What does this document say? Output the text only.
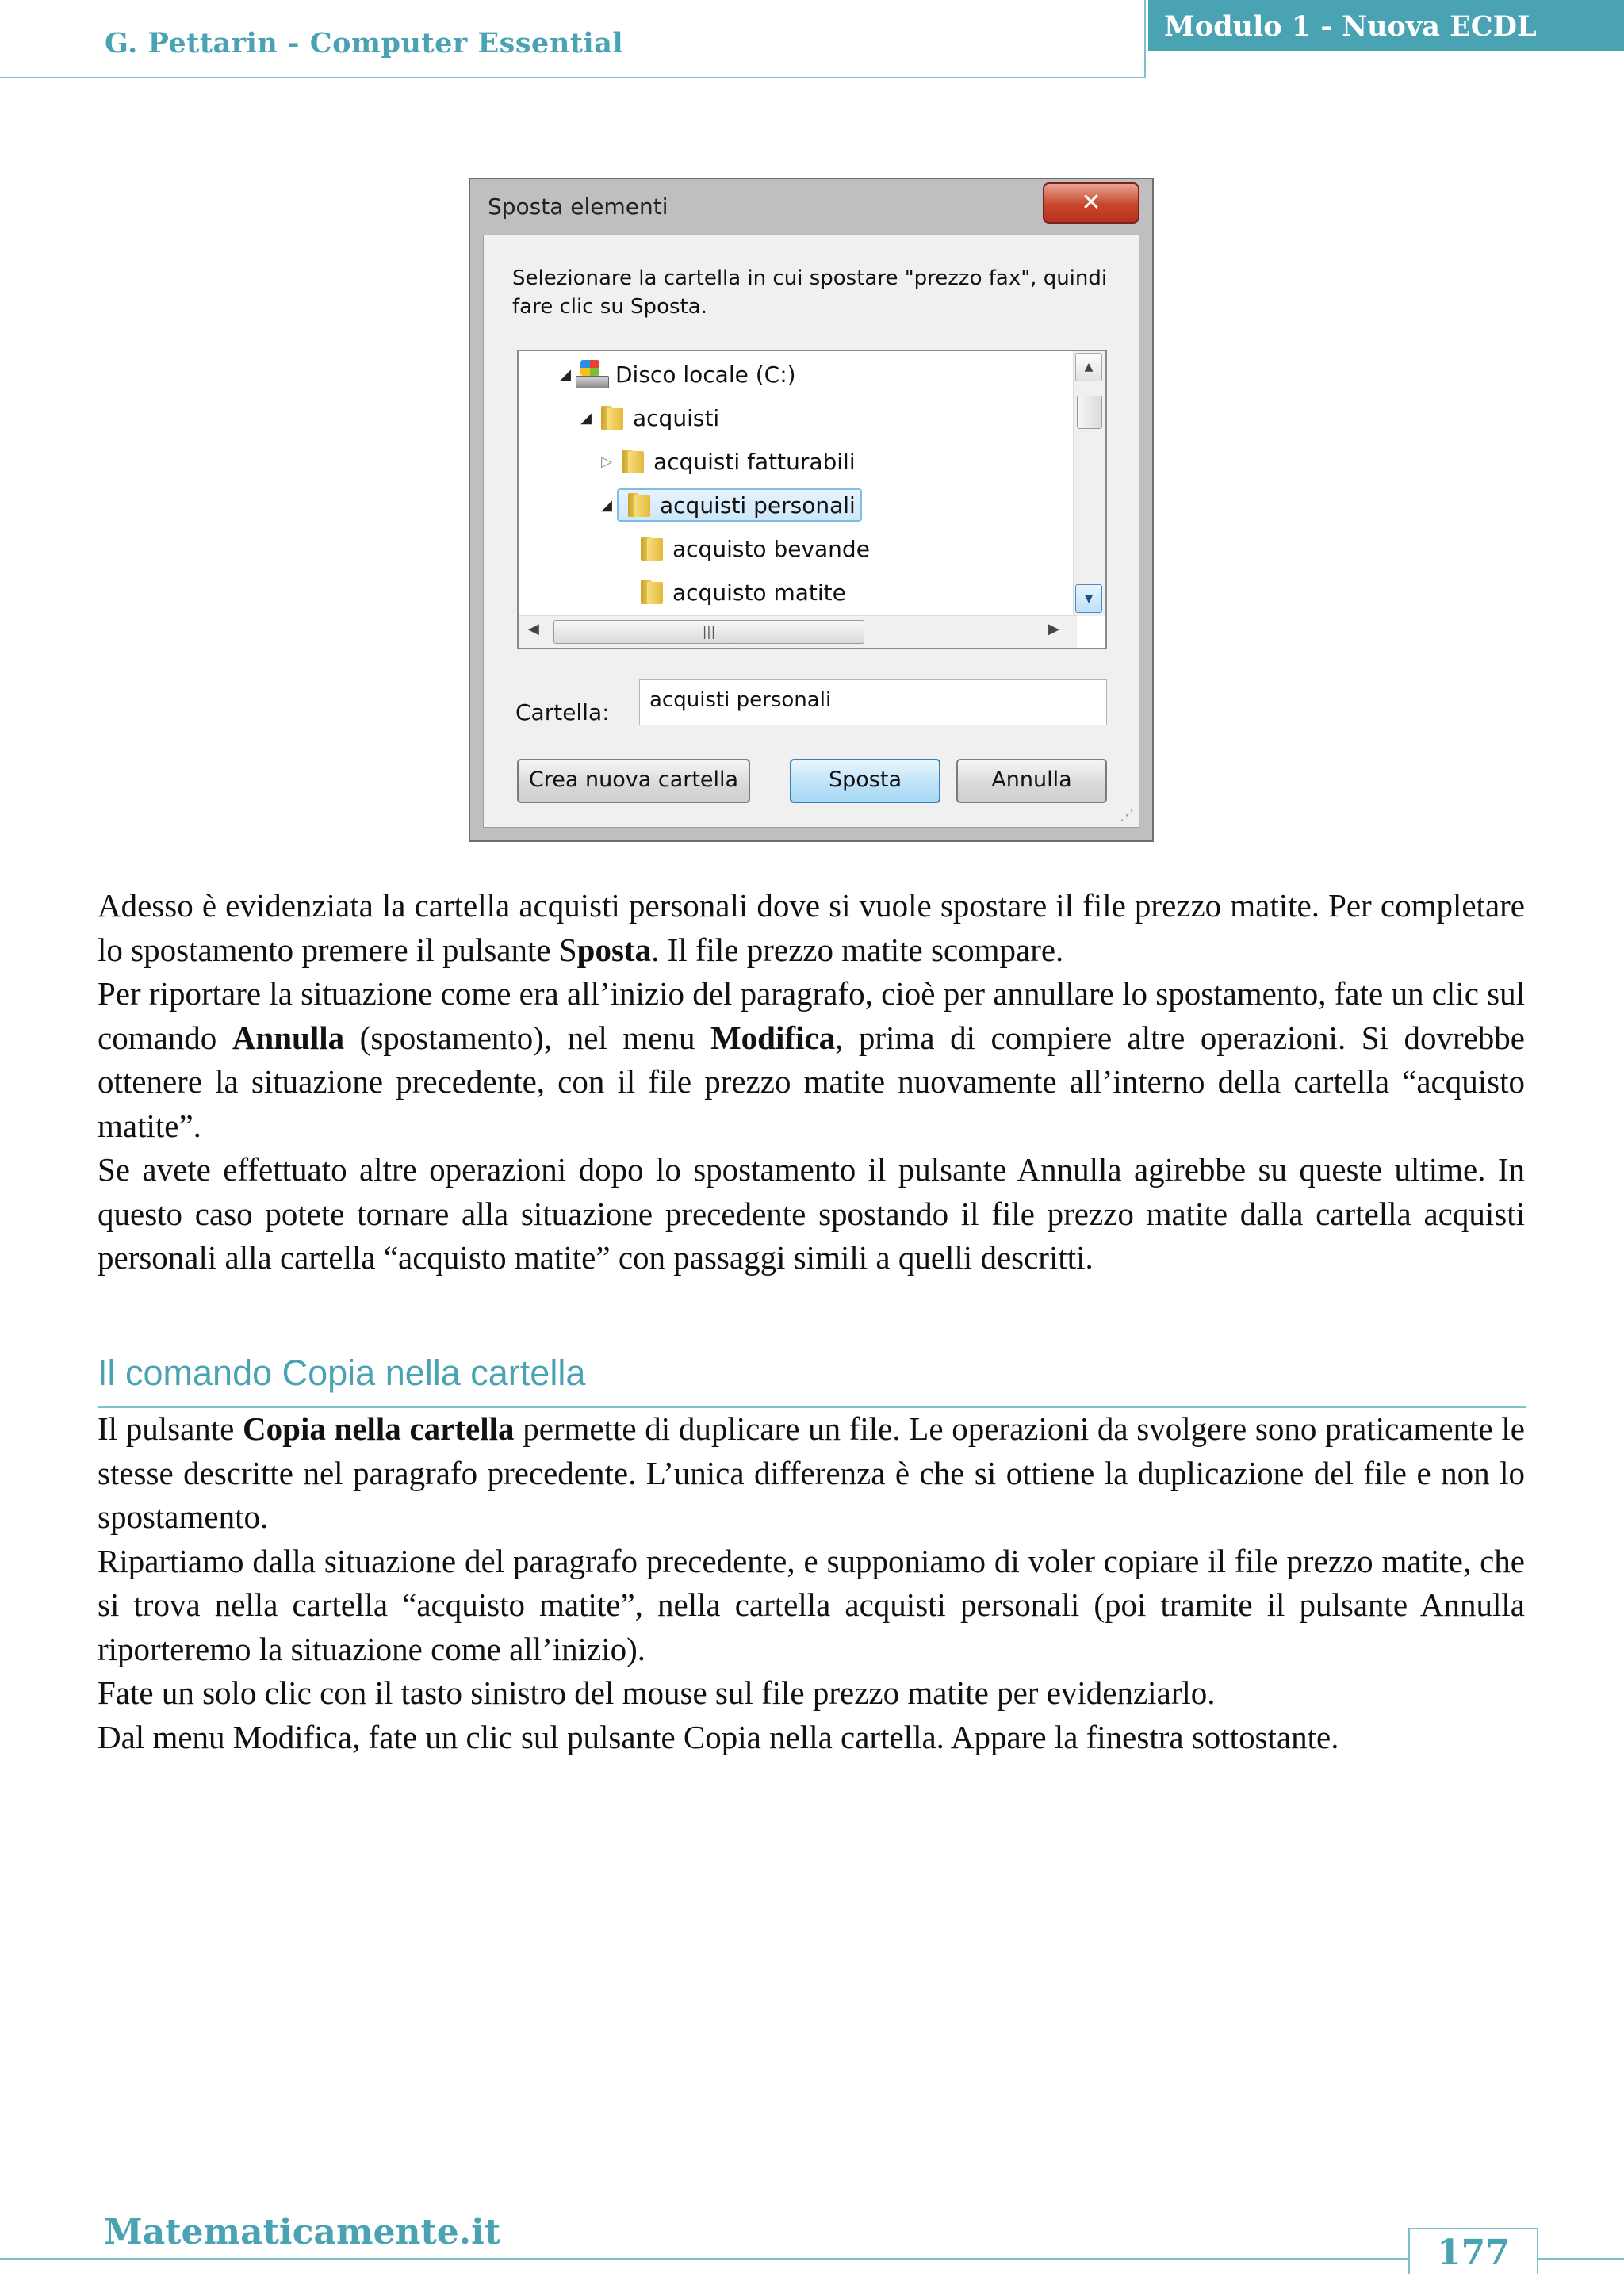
G. Pettarin - Computer Essential
Modulo 1 - Nuova ECDL
Sposta elementi	✕
Selezionare la cartella in cui spostare "prezzo fax", quindi fare clic su Sposta.
◢ Disco locale (C:)
◢ acquisti
▷ acquisti fatturabili
◢ acquisti personali
acquisto bevande
acquisto matite
▲
▼
◀	|||	▶
Cartella:	acquisti personali
Crea nuova cartella	Sposta	Annulla
⋰

Adesso è evidenziata la cartella acquisti personali dove si vuole spostare il file prezzo matite. Per completare lo spostamento premere il pulsante Sposta. Il file prezzo matite scompare.

Per riportare la situazione come era all’inizio del paragrafo, cioè per annullare lo spostamento, fate un clic sul comando Annulla (spostamento), nel menu Modifica, prima di compiere altre operazioni. Si dovrebbe ottenere la situazione precedente, con il file prezzo matite nuovamente all’interno della cartella “acquisto matite”.

Se avete effettuato altre operazioni dopo lo spostamento il pulsante Annulla agirebbe su queste ultime. In questo caso potete tornare alla situazione precedente spostando il file prezzo matite dalla cartella acquisti personali alla cartella “acquisto matite” con passaggi simili a quelli descritti.

Il comando Copia nella cartella

Il pulsante Copia nella cartella permette di duplicare un file. Le operazioni da svolgere sono praticamente le stesse descritte nel paragrafo precedente. L’unica differenza è che si ottiene la duplicazione del file e non lo spostamento.

Ripartiamo dalla situazione del paragrafo precedente, e supponiamo di voler copiare il file prezzo matite, che si trova nella cartella “acquisto matite”, nella cartella acquisti personali (poi tramite il pulsante Annulla riporteremo la situazione come all’inizio).

Fate un solo clic con il tasto sinistro del mouse sul file prezzo matite per evidenziarlo.

Dal menu Modifica, fate un clic sul pulsante Copia nella cartella. Appare la finestra sottostante.

Matematicamente.it
177
